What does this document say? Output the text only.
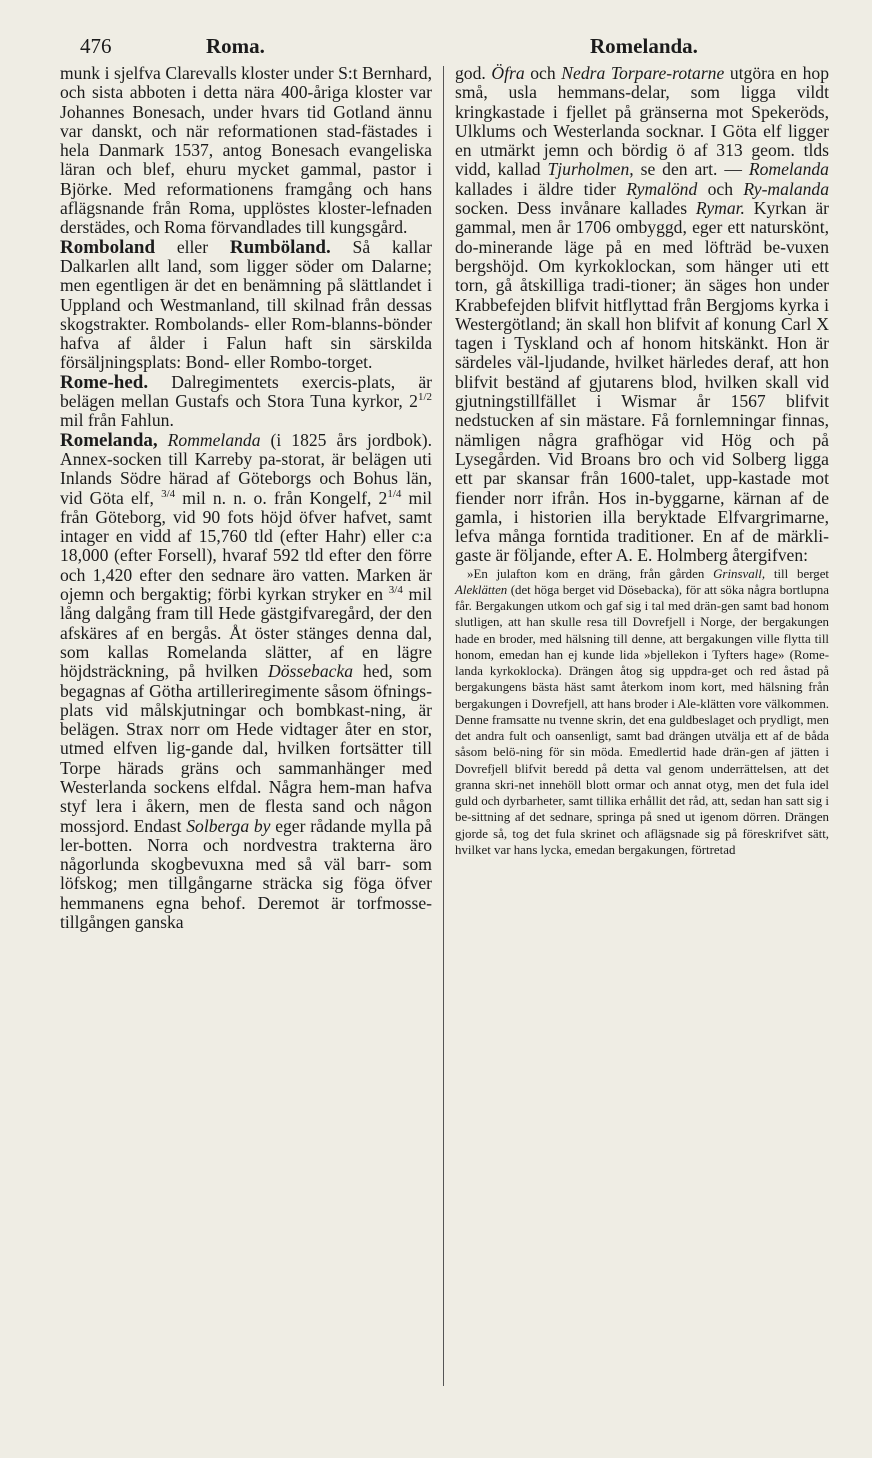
476	Roma.	Romelanda.

munk i sjelfva Clarevalls kloster under S:t Bernhard, och sista abboten i detta nära 400-åriga kloster var Johannes Bonesach, under hvars tid Gotland ännu var danskt, och när reformationen stad-fästades i hela Danmark 1537, antog Bonesach evangeliska läran och blef, ehuru mycket gammal, pastor i Björke. Med reformationens framgång och hans aflägsnande från Roma, upplöstes kloster-lefnaden derstädes, och Roma förvandlades till kungsgård.

Romboland eller Rumböland. Så kallar Dalkarlen allt land, som ligger söder om Dalarne; men egentligen är det en benämning på slättlandet i Uppland och Westmanland, till skilnad från dessas skogstrakter. Rombolands- eller Rom-blanns-bönder hafva af ålder i Falun haft sin särskilda försäljningsplats: Bond- eller Rombo-torget.

Rome-hed. Dalregimentets exercis-plats, är belägen mellan Gustafs och Stora Tuna kyrkor, $2^{1/2}$ mil från Fahlun.

Romelanda, Rommelanda (i 1825 års jordbok). Annex-socken till Karreby pa-storat, är belägen uti Inlands Södre härad af Göteborgs och Bohus län, vid Göta elf, $^{3/4}$ mil n. n. o. från Kongelf, $2^{1/4}$ mil från Göteborg, vid 90 fots höjd öfver hafvet, samt intager en vidd af 15,760 tld (efter Hahr) eller c:a 18,000 (efter Forsell), hvaraf 592 tld efter den förre och 1,420 efter den sednare äro vatten. Marken är ojemn och bergaktig; förbi kyrkan stryker en $^{3/4}$ mil lång dalgång fram till Hede gästgifvaregård, der den afskäres af en bergås. Åt öster stänges denna dal, som kallas Romelanda slätter, af en lägre höjdsträckning, på hvilken Dössebacka hed, som begagnas af Götha artilleriregimente såsom öfnings-plats vid målskjutningar och bombkast-ning, är belägen. Strax norr om Hede vidtager åter en stor, utmed elfven lig-gande dal, hvilken fortsätter till Torpe härads gräns och sammanhänger med Westerlanda sockens elfdal. Några hem-man hafva styf lera i åkern, men de flesta sand och någon mossjord. Endast Solberga by eger rådande mylla på ler-botten. Norra och nordvestra trakterna äro någorlunda skogbevuxna med så väl barr- som löfskog; men tillgångarne sträcka sig föga öfver hemmanens egna behof. Deremot är torfmosse-tillgången ganska

god. Öfra och Nedra Torpare-rotarne utgöra en hop små, usla hemmans-delar, som ligga vildt kringkastade i fjellet på gränserna mot Spekeröds, Ulklums och Westerlanda socknar. I Göta elf ligger en utmärkt jemn och bördig ö af 313 geom. tlds vidd, kallad Tjurholmen, se den art. — Romelanda kallades i äldre tider Rymalönd och Ry-malanda socken. Dess invånare kallades Rymar. Kyrkan är gammal, men år 1706 ombyggd, eger ett naturskönt, do-minerande läge på en med löfträd be-vuxen bergshöjd. Om kyrkoklockan, som hänger uti ett torn, gå åtskilliga tradi-tioner; än säges hon under Krabbefejden blifvit hitflyttad från Bergjoms kyrka i Westergötland; än skall hon blifvit af konung Carl X tagen i Tyskland och af honom hitskänkt. Hon är särdeles väl-ljudande, hvilket härledes deraf, att hon blifvit beständ af gjutarens blod, hvilken skall vid gjutningstillfället i Wismar år 1567 blifvit nedstucken af sin mästare. Få fornlemningar finnas, nämligen några grafhögar vid Hög och på Lysegården. Vid Broans bro och vid Solberg ligga ett par skansar från 1600-talet, upp-kastade mot fiender norr ifrån. Hos in-byggarne, kärnan af de gamla, i historien illa beryktade Elfvargrimarne, lefva många forntida traditioner. En af de märkli-gaste är följande, efter A. E. Holmberg återgifven:

»En julafton kom en dräng, från gården Grinsvall, till berget Aleklätten (det höga berget vid Dösebacka), för att söka några bortlupna får. Bergakungen utkom och gaf sig i tal med drän-gen samt bad honom slutligen, att han skulle resa till Dovrefjell i Norge, der bergakungen hade en broder, med hälsning till denne, att bergakungen ville flytta till honom, emedan han ej kunde lida »bjellekon i Tyfters hage» (Rome-landa kyrkoklocka). Drängen åtog sig uppdra-get och red åstad på bergakungens bästa häst samt återkom inom kort, med hälsning från bergakungen i Dovrefjell, att hans broder i Ale-klätten vore välkommen. Denne framsatte nu tvenne skrin, det ena guldbeslaget och prydligt, men det andra fult och oansenligt, samt bad drängen utvälja ett af de båda såsom belö-ning för sin möda. Emedlertid hade drän-gen af jätten i Dovrefjell blifvit beredd på detta val genom underrättelsen, att det granna skri-net innehöll blott ormar och annat otyg, men det fula idel guld och dyrbarheter, samt tillika erhållit det råd, att, sedan han satt sig i be-sittning af det sednare, springa på sned ut igenom dörren. Drängen gjorde så, tog det fula skrinet och aflägsnade sig på föreskrifvet sätt, hvilket var hans lycka, emedan bergakungen, förtretad
